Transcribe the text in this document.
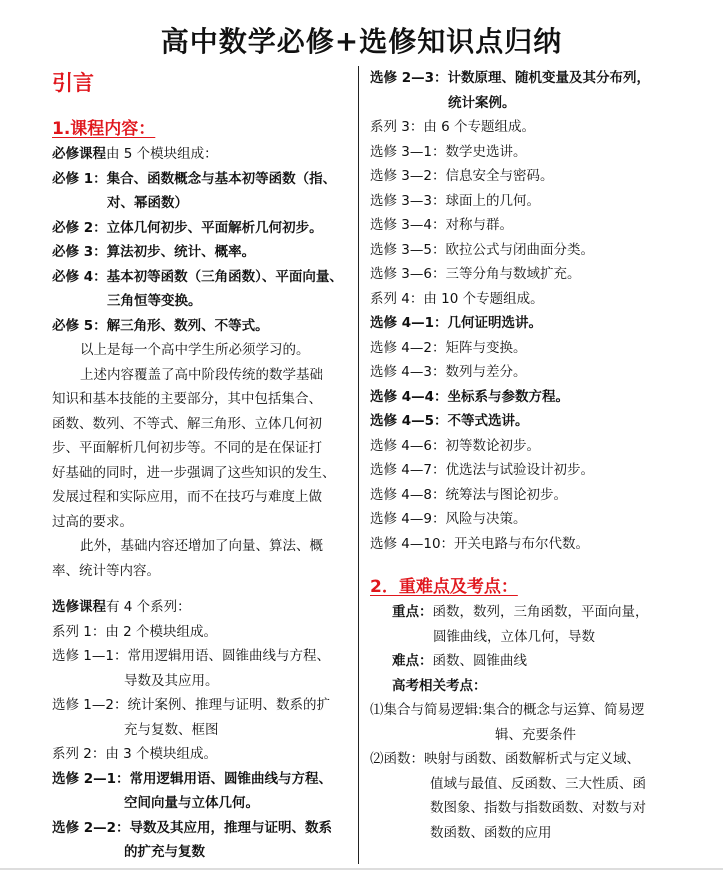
高中数学必修+选修知识点归纳
引言
1.课程内容：
必修课程由 5 个模块组成：
必修 1：集合、函数概念与基本初等函数（指、
对、幂函数）
必修 2：立体几何初步、平面解析几何初步。
必修 3：算法初步、统计、概率。
必修 4：基本初等函数（三角函数）、平面向量、
三角恒等变换。
必修 5：解三角形、数列、不等式。
以上是每一个高中学生所必须学习的。
上述内容覆盖了高中阶段传统的数学基础
知识和基本技能的主要部分，其中包括集合、
函数、数列、不等式、解三角形、立体几何初
步、平面解析几何初步等。不同的是在保证打
好基础的同时，进一步强调了这些知识的发生、
发展过程和实际应用，而不在技巧与难度上做
过高的要求。
此外，基础内容还增加了向量、算法、概
率、统计等内容。
选修课程有 4 个系列：
系列 1：由 2 个模块组成。
选修 1—1：常用逻辑用语、圆锥曲线与方程、
导数及其应用。
选修 1—2：统计案例、推理与证明、数系的扩
充与复数、框图
系列 2：由 3 个模块组成。
选修 2—1：常用逻辑用语、圆锥曲线与方程、
空间向量与立体几何。
选修 2—2：导数及其应用，推理与证明、数系
的扩充与复数
选修 2—3：计数原理、随机变量及其分布列，
统计案例。
系列 3：由 6 个专题组成。
选修 3—1：数学史选讲。
选修 3—2：信息安全与密码。
选修 3—3：球面上的几何。
选修 3—4：对称与群。
选修 3—5：欧拉公式与闭曲面分类。
选修 3—6：三等分角与数域扩充。
系列 4：由 10 个专题组成。
选修 4—1：几何证明选讲。
选修 4—2：矩阵与变换。
选修 4—3：数列与差分。
选修 4—4：坐标系与参数方程。
选修 4—5：不等式选讲。
选修 4—6：初等数论初步。
选修 4—7：优选法与试验设计初步。
选修 4—8：统筹法与图论初步。
选修 4—9：风险与决策。
选修 4—10：开关电路与布尔代数。
2．重难点及考点：
重点：函数，数列，三角函数，平面向量，
圆锥曲线，立体几何，导数
难点：函数、圆锥曲线
高考相关考点：
⑴集合与简易逻辑:集合的概念与运算、简易逻
辑、充要条件
⑵函数：映射与函数、函数解析式与定义域、
值域与最值、反函数、三大性质、函
数图象、指数与指数函数、对数与对
数函数、函数的应用
